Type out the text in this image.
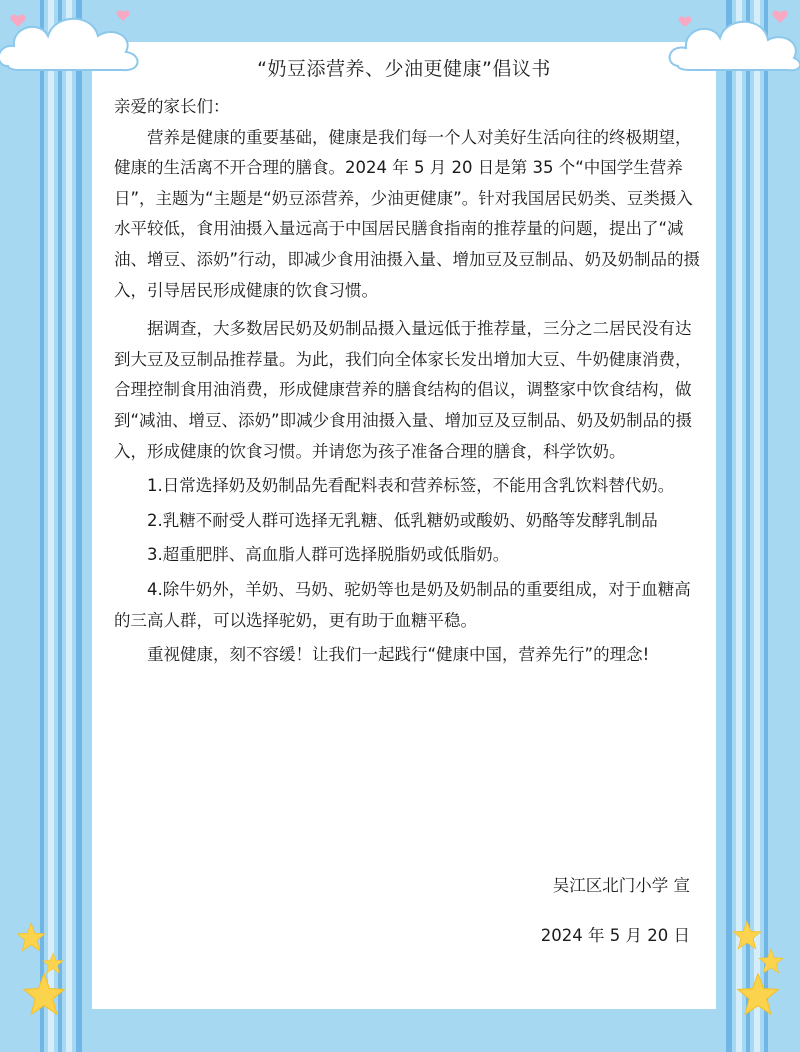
“奶豆添营养、少油更健康”倡议书

亲爱的家长们：

营养是健康的重要基础，健康是我们每一个人对美好生活向往的终极期望，健康的生活离不开合理的膳食。2024 年 5 月 20 日是第 35 个“中国学生营养日”，主题为“主题是“奶豆添营养，少油更健康”。针对我国居民奶类、豆类摄入水平较低，食用油摄入量远高于中国居民膳食指南的推荐量的问题，提出了“减油、增豆、添奶”行动，即减少食用油摄入量、增加豆及豆制品、奶及奶制品的摄入，引导居民形成健康的饮食习惯。

据调查，大多数居民奶及奶制品摄入量远低于推荐量，三分之二居民没有达到大豆及豆制品推荐量。为此，我们向全体家长发出增加大豆、牛奶健康消费，合理控制食用油消费，形成健康营养的膳食结构的倡议，调整家中饮食结构，做到“减油、增豆、添奶”即减少食用油摄入量、增加豆及豆制品、奶及奶制品的摄入，形成健康的饮食习惯。并请您为孩子准备合理的膳食，科学饮奶。

1.日常选择奶及奶制品先看配料表和营养标签，不能用含乳饮料替代奶。

2.乳糖不耐受人群可选择无乳糖、低乳糖奶或酸奶、奶酪等发酵乳制品

3.超重肥胖、高血脂人群可选择脱脂奶或低脂奶。

4.除牛奶外，羊奶、马奶、驼奶等也是奶及奶制品的重要组成，对于血糖高的三高人群，可以选择驼奶，更有助于血糖平稳。

重视健康，刻不容缓！让我们一起践行“健康中国，营养先行”的理念!

吴江区北门小学 宣
2024 年 5 月 20 日
